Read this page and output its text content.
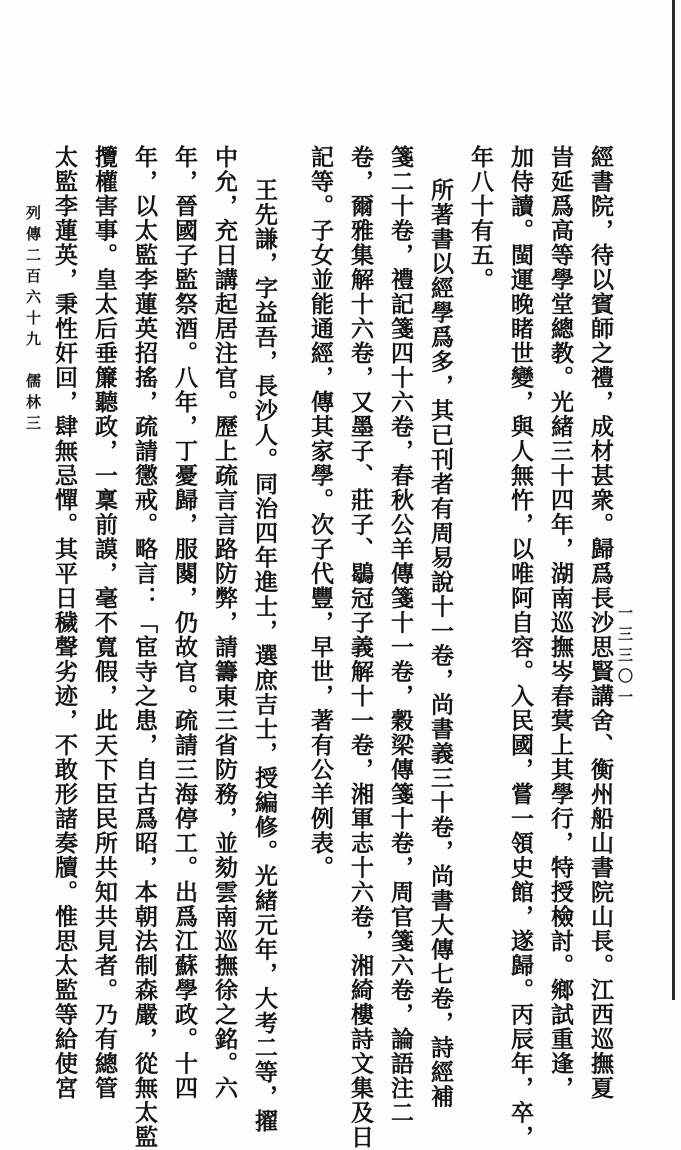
經書院，待以賓師之禮，成材甚衆。歸爲長沙思賢講舍、衡州船山書院山長。江西巡撫夏
旹延爲高等學堂總教。光緒三十四年，湖南巡撫岑春蓂上其學行，特授檢討。鄉試重逢，
加侍讀。閩運晚睹世變，與人無忤，以唯阿自容。入民國，嘗一領史館，遂歸。丙辰年，卒，
年八十有五。
所著書以經學爲多，其已刊者有周易說十一卷，尚書義三十卷，尚書大傳七卷，詩經補
箋二十卷，禮記箋四十六卷，春秋公羊傳箋十一卷，穀梁傳箋十卷，周官箋六卷，論語注二
卷，爾雅集解十六卷，又墨子、莊子、鶡冠子義解十一卷，湘軍志十六卷，湘綺樓詩文集及日
記等。子女並能通經，傳其家學。次子代豐，早世，著有公羊例表。
王先謙，字益吾，長沙人。同治四年進士，選庶吉士，授編修。光緒元年，大考二等，擢
中允，充日講起居注官。歷上疏言言路防弊，請籌東三省防務，並劾雲南巡撫徐之銘。六
年，晉國子監祭酒。八年，丁憂歸，服闋，仍故官。疏請三海停工。出爲江蘇學政。十四
年，以太監李蓮英招搖，疏請懲戒。略言：「宦寺之患，自古爲昭，本朝法制森嚴，從無太監
攬權害事。皇太后垂簾聽政，一稟前謨，毫不寬假，此天下臣民所共知共見者。乃有總管
太監李蓮英，秉性奸回，肆無忌憚。其平日穢聲劣迹，不敢形諸奏牘。惟思太監等給使宮
列傳二百六十九　儒林三
一三三〇一
